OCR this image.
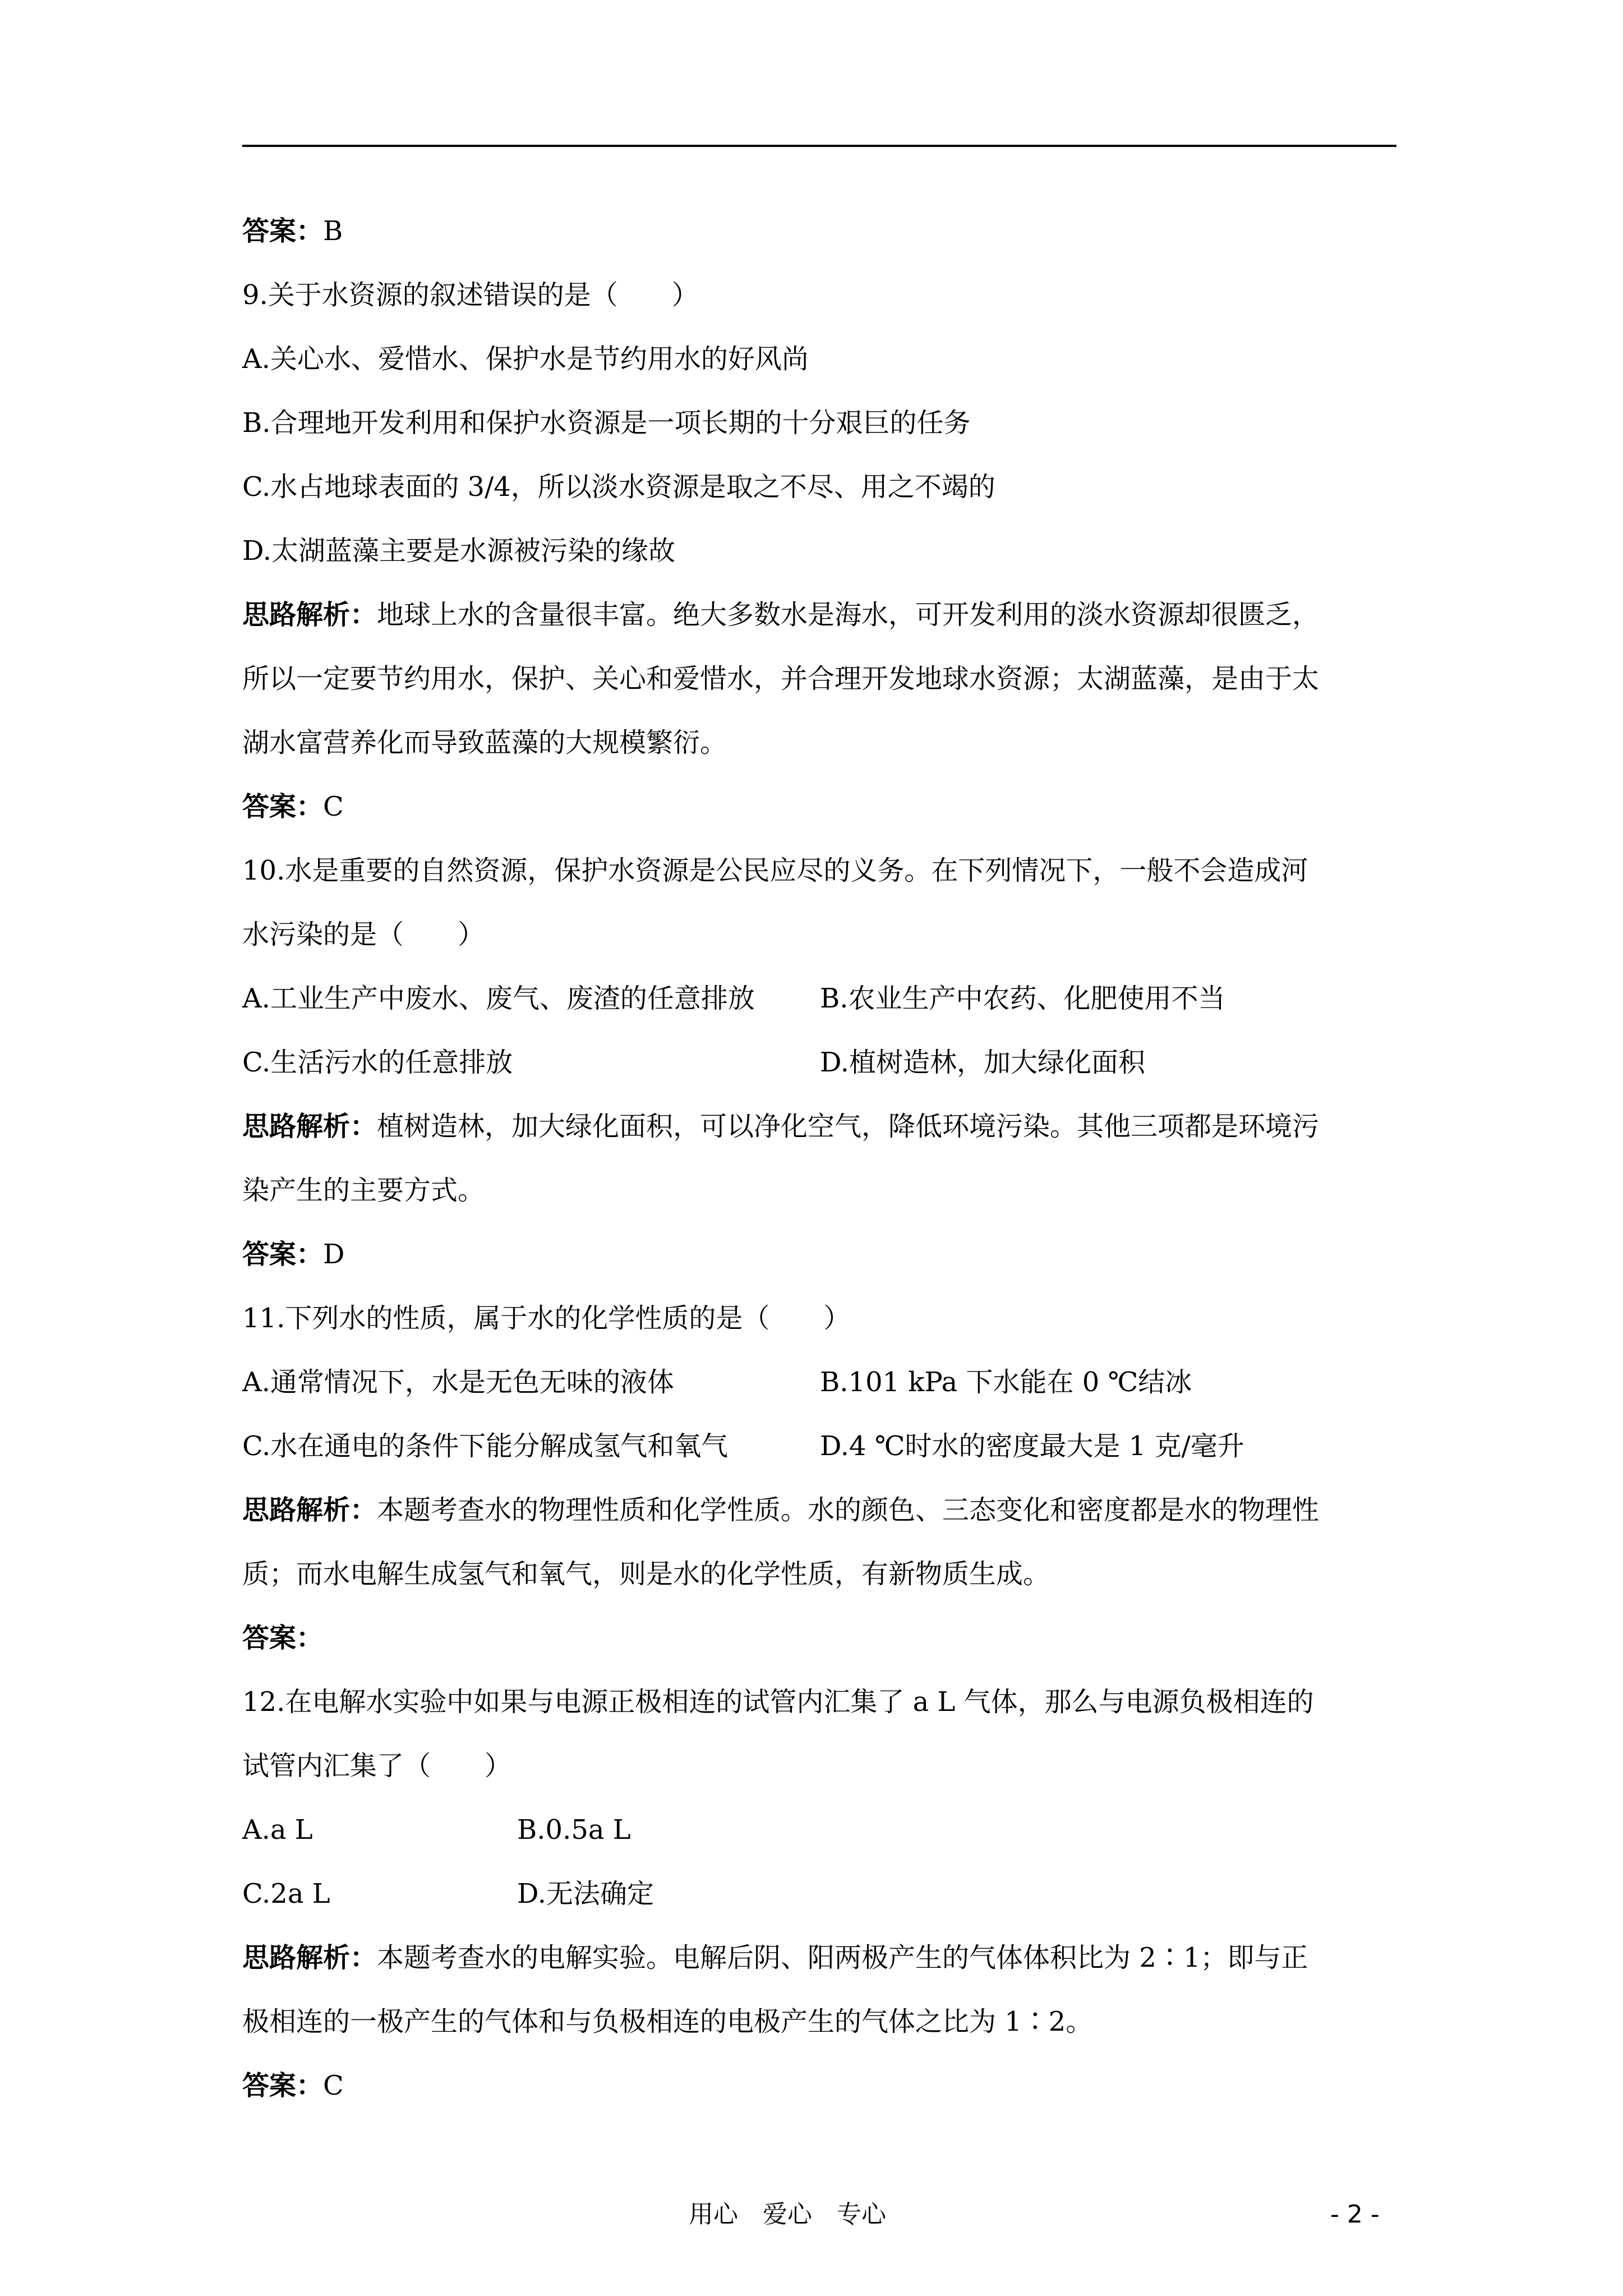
答案：B
9.关于水资源的叙述错误的是（　　）
A.关心水、爱惜水、保护水是节约用水的好风尚
B.合理地开发利用和保护水资源是一项长期的十分艰巨的任务
C.水占地球表面的 3/4，所以淡水资源是取之不尽、用之不竭的
D.太湖蓝藻主要是水源被污染的缘故
思路解析：地球上水的含量很丰富。绝大多数水是海水，可开发利用的淡水资源却很匮乏，
所以一定要节约用水，保护、关心和爱惜水，并合理开发地球水资源；太湖蓝藻，是由于太
湖水富营养化而导致蓝藻的大规模繁衍。
答案：C
10.水是重要的自然资源，保护水资源是公民应尽的义务。在下列情况下，一般不会造成河
水污染的是（　　）
A.工业生产中废水、废气、废渣的任意排放 B.农业生产中农药、化肥使用不当
C.生活污水的任意排放	D.植树造林，加大绿化面积
思路解析：植树造林，加大绿化面积，可以净化空气，降低环境污染。其他三项都是环境污
染产生的主要方式。
答案：D
11.下列水的性质，属于水的化学性质的是（　　）
A.通常情况下，水是无色无味的液体	B.101 kPa 下水能在 0 ℃结冰
C.水在通电的条件下能分解成氢气和氧气	D.4 ℃时水的密度最大是 1 克/毫升
思路解析：本题考查水的物理性质和化学性质。水的颜色、三态变化和密度都是水的物理性
质；而水电解生成氢气和氧气，则是水的化学性质，有新物质生成。
答案：
12.在电解水实验中如果与电源正极相连的试管内汇集了 a L 气体，那么与电源负极相连的
试管内汇集了（　　）
A.a L	B.0.5a L
C.2a L	D.无法确定
思路解析：本题考查水的电解实验。电解后阴、阳两极产生的气体体积比为 2∶1；即与正
极相连的一极产生的气体和与负极相连的电极产生的气体之比为 1∶2。
答案：C
用心　爱心　专心	- 2 -
